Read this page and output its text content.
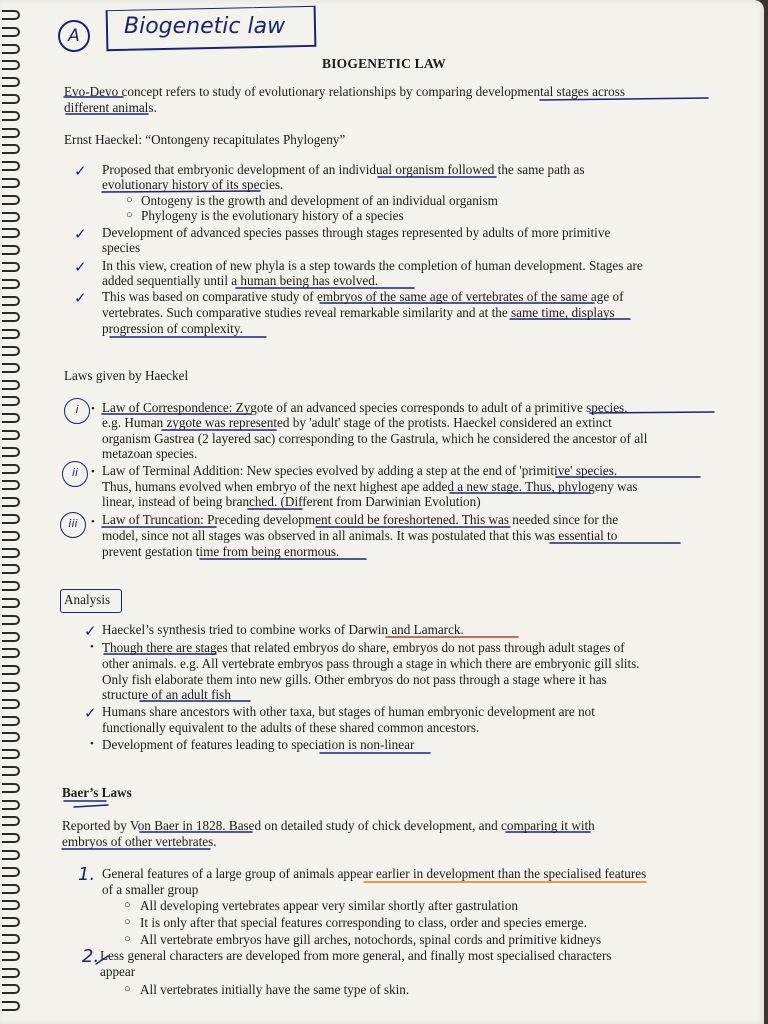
A	Biogenetic law
BIOGENETIC LAW
Evo-Devo concept refers to study of evolutionary relationships by comparing developmental stages across
different animals.
Ernst Haeckel: “Ontongeny recapitulates Phylogeny”
✓ Proposed that embryonic development of an individual organism followed the same path as
evolutionary history of its species.
○ Ontogeny is the growth and development of an individual organism
○ Phylogeny is the evolutionary history of a species
✓ Development of advanced species passes through stages represented by adults of more primitive
species
✓ In this view, creation of new phyla is a step towards the completion of human development. Stages are
added sequentially until a human being has evolved.
✓ This was based on comparative study of embryos of the same age of vertebrates of the same age of
vertebrates. Such comparative studies reveal remarkable similarity and at the same time, displays
progression of complexity.
Laws given by Haeckel
i	• Law of Correspondence: Zygote of an advanced species corresponds to adult of a primitive species.
e.g. Human zygote was represented by 'adult' stage of the protists. Haeckel considered an extinct
organism Gastrea (2 layered sac) corresponding to the Gastrula, which he considered the ancestor of all
metazoan species.
ii	• Law of Terminal Addition: New species evolved by adding a step at the end of 'primitive' species.
Thus, humans evolved when embryo of the next highest ape added a new stage. Thus, phylogeny was
linear, instead of being branched. (Different from Darwinian Evolution)
iii	• Law of Truncation: Preceding development could be foreshortened. This was needed since for the
model, since not all stages was observed in all animals. It was postulated that this was essential to
prevent gestation time from being enormous.
Analysis
✓ Haeckel’s synthesis tried to combine works of Darwin and Lamarck.
• Though there are stages that related embryos do share, embryos do not pass through adult stages of
other animals. e.g. All vertebrate embryos pass through a stage in which there are embryonic gill slits.
Only fish elaborate them into new gills. Other embryos do not pass through a stage where it has
structure of an adult fish
✓ Humans share ancestors with other taxa, but stages of human embryonic development are not
functionally equivalent to the adults of these shared common ancestors.
• Development of features leading to speciation is non-linear
Baer’s Laws
Reported by Von Baer in 1828. Based on detailed study of chick development, and comparing it with
embryos of other vertebrates.
1. General features of a large group of animals appear earlier in development than the specialised features
of a smaller group
○ All developing vertebrates appear very similar shortly after gastrulation
○ It is only after that special features corresponding to class, order and species emerge.
○ All vertebrate embryos have gill arches, notochords, spinal cords and primitive kidneys
2. Less general characters are developed from more general, and finally most specialised characters
appear
○ All vertebrates initially have the same type of skin.
